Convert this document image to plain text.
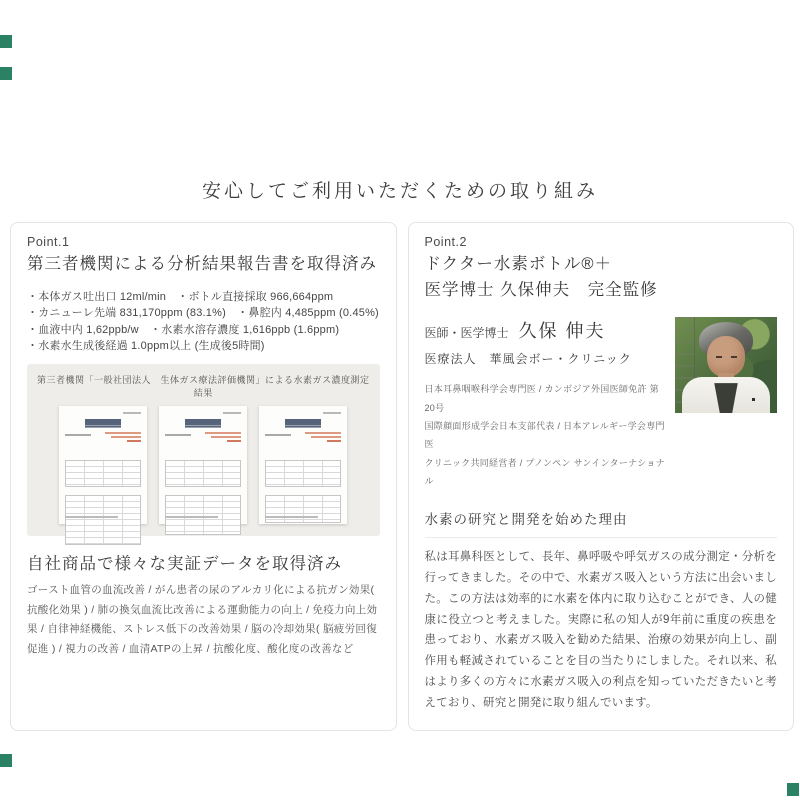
安心してご利用いただくための取り組み
Point.1
第三者機関による分析結果報告書を取得済み
・本体ガス吐出口 12ml/min　・ボトル直接採取 966,664ppm
・カニューレ先端 831,170ppm (83.1%)　・鼻腔内 4,485ppm (0.45%)
・血液中内 1,62ppb/w　・水素水溶存濃度 1,616ppb (1.6ppm)
・水素水生成後経過 1.0ppm以上 (生成後5時間)
第三者機関「一般社団法人　生体ガス療法評価機関」による水素ガス濃度測定結果
自社商品で様々な実証データを取得済み
ゴースト血管の血流改善 / がん患者の尿のアルカリ化による抗ガン効果( 抗酸化効果 ) / 肺の換気血流比改善による運動能力の向上 / 免疫力向上効果 / 自律神経機能、ストレス低下の改善効果 / 脳の冷却効果( 脳疲労回復促進 ) / 視力の改善 / 血清ATPの上昇 / 抗酸化度、酸化度の改善など
Point.2
ドクター水素ボトル®＋
医学博士 久保伸夫　完全監修
医師・医学博士 久保 伸夫
医療法人　華風会ボー・クリニック
日本耳鼻咽喉科学会専門医 / カンボジア外国医師免許 第20号
国際顔面形成学会日本支部代表 / 日本アレルギー学会専門医
クリニック共同経営者 / プノンペン サンインターナショナル
水素の研究と開発を始めた理由
私は耳鼻科医として、長年、鼻呼吸や呼気ガスの成分測定・分析を行ってきました。その中で、水素ガス吸入という方法に出会いました。この方法は効率的に水素を体内に取り込むことができ、人の健康に役立つと考えました。実際に私の知人が9年前に重度の疾患を患っており、水素ガス吸入を勧めた結果、治療の効果が向上し、副作用も軽減されていることを目の当たりにしました。それ以来、私はより多くの方々に水素ガス吸入の利点を知っていただきたいと考えており、研究と開発に取り組んでいます。
